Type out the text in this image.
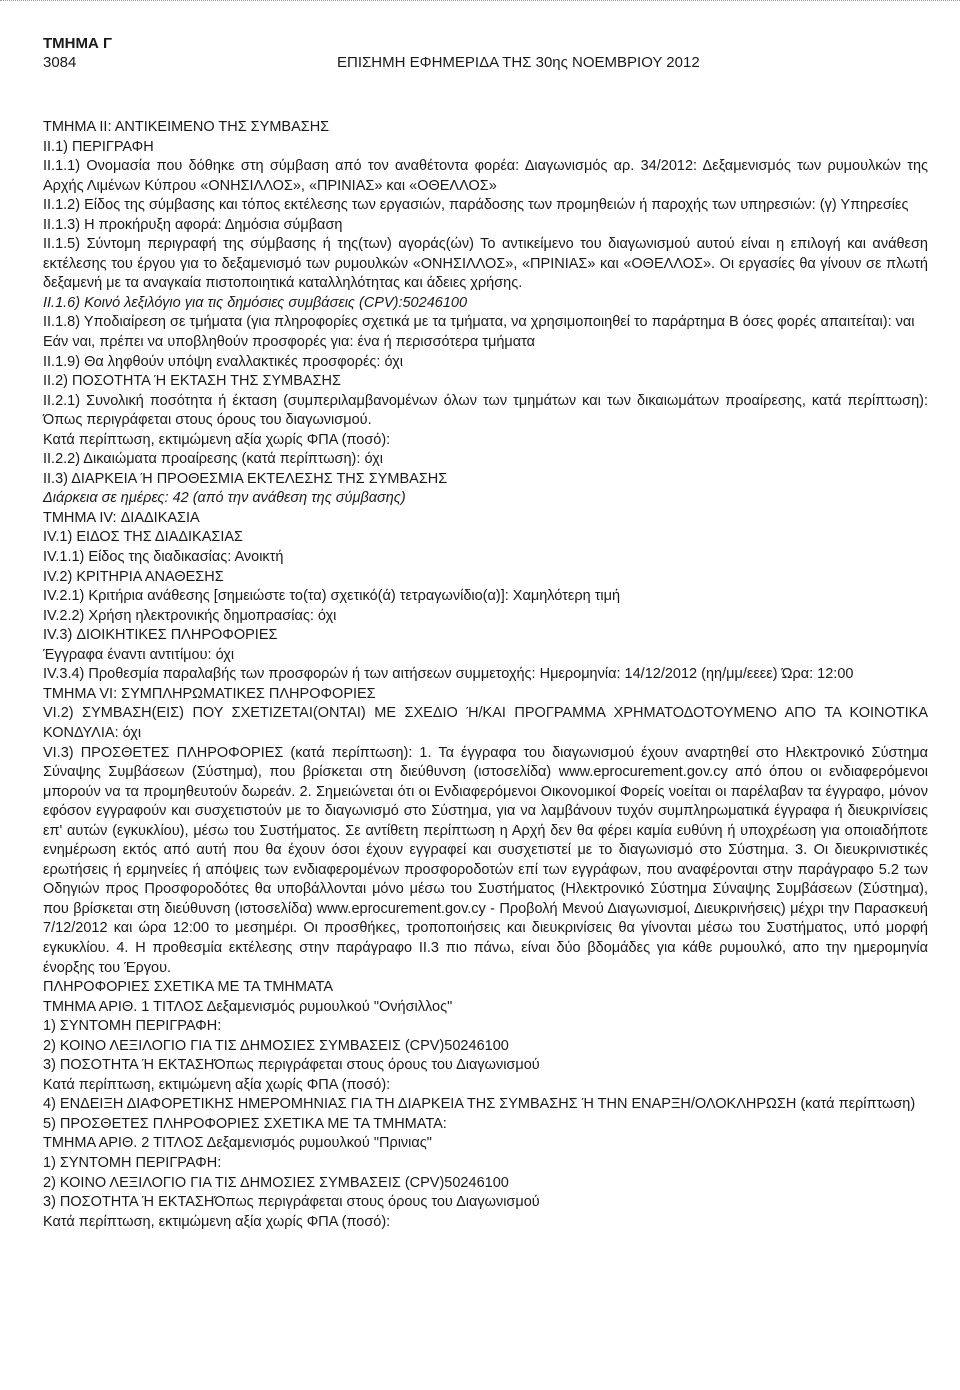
ΤΜΗΜΑ Γ
3084	ΕΠΙΣΗΜΗ ΕΦΗΜΕΡΙΔΑ ΤΗΣ 30ης ΝΟΕΜΒΡΙΟΥ 2012

ΤΜΗΜΑ ΙΙ: ΑΝΤΙΚΕΙΜΕΝΟ ΤΗΣ ΣΥΜΒΑΣΗΣ

ΙΙ.1) ΠΕΡΙΓΡΑΦΗ

ΙΙ.1.1) Ονομασία που δόθηκε στη σύμβαση από τον αναθέτοντα φορέα: Διαγωνισμός αρ. 34/2012: Δεξαμενισμός των ρυμουλκών της Αρχής Λιμένων Κύπρου «ΟΝΗΣΙΛΛΟΣ», «ΠΡΙΝΙΑΣ» και «ΟΘΕΛΛΟΣ»

ΙΙ.1.2) Είδος της σύμβασης και τόπος εκτέλεσης των εργασιών, παράδοσης των προμηθειών ή παροχής των υπηρεσιών: (γ) Υπηρεσίες

ΙΙ.1.3) Η προκήρυξη αφορά: Δημόσια σύμβαση

ΙΙ.1.5) Σύντομη περιγραφή της σύμβασης ή της(των) αγοράς(ών) Το αντικείμενο του διαγωνισμού αυτού είναι η επιλογή και ανάθεση εκτέλεσης του έργου για το δεξαμενισμό των ρυμουλκών «ΟΝΗΣΙΛΛΟΣ», «ΠΡΙΝΙΑΣ» και «ΟΘΕΛΛΟΣ». Οι εργασίες θα γίνουν σε πλωτή δεξαμενή με τα αναγκαία πιστοποιητικά καταλληλότητας και άδειες χρήσης.

ΙΙ.1.6) Κοινό λεξιλόγιο για τις δημόσιες συμβάσεις (CPV):50246100

ΙΙ.1.8) Υποδιαίρεση σε τμήματα (για πληροφορίες σχετικά με τα τμήματα, να χρησιμοποιηθεί το παράρτημα Β όσες φορές απαιτείται): ναι

Εάν ναι, πρέπει να υποβληθούν προσφορές για: ένα ή περισσότερα τμήματα

ΙΙ.1.9) Θα ληφθούν υπόψη εναλλακτικές προσφορές: όχι

ΙΙ.2) ΠΟΣΟΤΗΤΑ Ή ΕΚΤΑΣΗ ΤΗΣ ΣΥΜΒΑΣΗΣ

ΙΙ.2.1) Συνολική ποσότητα ή έκταση (συμπεριλαμβανομένων όλων των τμημάτων και των δικαιωμάτων προαίρεσης, κατά περίπτωση): Όπως περιγράφεται στους όρους του διαγωνισμού.

Κατά περίπτωση, εκτιμώμενη αξία χωρίς ΦΠΑ (ποσό):

ΙΙ.2.2) Δικαιώματα προαίρεσης (κατά περίπτωση): όχι

ΙΙ.3) ΔΙΑΡΚΕΙΑ Ή ΠΡΟΘΕΣΜΙΑ ΕΚΤΕΛΕΣΗΣ ΤΗΣ ΣΥΜΒΑΣΗΣ

Διάρκεια σε ημέρες: 42 (από την ανάθεση της σύμβασης)

ΤΜΗΜΑ IV: ΔΙΑΔΙΚΑΣΙΑ

IV.1) ΕΙΔΟΣ ΤΗΣ ΔΙΑΔΙΚΑΣΙΑΣ

IV.1.1) Είδος της διαδικασίας: Ανοικτή

IV.2) ΚΡΙΤΗΡΙΑ ΑΝΑΘΕΣΗΣ

IV.2.1) Κριτήρια ανάθεσης [σημειώστε το(τα) σχετικό(ά) τετραγωνίδιο(α)]: Χαμηλότερη τιμή

IV.2.2) Χρήση ηλεκτρονικής δημοπρασίας: όχι

IV.3) ΔΙΟΙΚΗΤΙΚΕΣ ΠΛΗΡΟΦΟΡΙΕΣ

Έγγραφα έναντι αντιτίμου: όχι

IV.3.4) Προθεσμία παραλαβής των προσφορών ή των αιτήσεων συμμετοχής: Ημερομηνία: 14/12/2012 (ηη/μμ/εεεε) Ώρα: 12:00

ΤΜΗΜΑ VI: ΣΥΜΠΛΗΡΩΜΑΤΙΚΕΣ ΠΛΗΡΟΦΟΡΙΕΣ

VI.2) ΣΥΜΒΑΣΗ(ΕΙΣ) ΠΟΥ ΣΧΕΤΙΖΕΤΑΙ(ΟΝΤΑΙ) ΜΕ ΣΧΕΔΙΟ Ή/ΚΑΙ ΠΡΟΓΡΑΜΜΑ ΧΡΗΜΑΤΟΔΟΤΟΥΜΕΝΟ ΑΠΟ ΤΑ ΚΟΙΝΟΤΙΚΑ ΚΟΝΔΥΛΙΑ: όχι

VI.3) ΠΡΟΣΘΕΤΕΣ ΠΛΗΡΟΦΟΡΙΕΣ (κατά περίπτωση): 1. Τα έγγραφα του διαγωνισμού έχουν αναρτηθεί στο Ηλεκτρονικό Σύστημα Σύναψης Συμβάσεων (Σύστημα), που βρίσκεται στη διεύθυνση (ιστοσελίδα) www.eprocurement.gov.cy από όπου οι ενδιαφερόμενοι μπορούν να τα προμηθευτούν δωρεάν. 2. Σημειώνεται ότι οι Ενδιαφερόμενοι Οικονομικοί Φορείς νοείται οι παρέλαβαν τα έγγραφο, μόνον εφόσον εγγραφούν και συσχετιστούν με το διαγωνισμό στο Σύστημα, για να λαμβάνουν τυχόν συμπληρωματικά έγγραφα ή διευκρινίσεις επ' αυτών (εγκυκλίου), μέσω του Συστήματος. Σε αντίθετη περίπτωση η Αρχή δεν θα φέρει καμία ευθύνη ή υποχρέωση για οποιαδήποτε ενημέρωση εκτός από αυτή που θα έχουν όσοι έχουν εγγραφεί και συσχετιστεί με το διαγωνισμό στο Σύστημα. 3. Οι διευκρινιστικές ερωτήσεις ή ερμηνείες ή απόψεις των ενδιαφερομένων προσφοροδοτών επί των εγγράφων, που αναφέρονται στην παράγραφο 5.2 των Οδηγιών προς Προσφοροδότες θα υποβάλλονται μόνο μέσω του Συστήματος (Ηλεκτρονικό Σύστημα Σύναψης Συμβάσεων (Σύστημα), που βρίσκεται στη διεύθυνση (ιστοσελίδα) www.eprocurement.gov.cy - Προβολή Μενού Διαγωνισμοί, Διευκρινήσεις) μέχρι την Παρασκευή 7/12/2012 και ώρα 12:00 το μεσημέρι. Οι προσθήκες, τροποποιήσεις και διευκρινίσεις θα γίνονται μέσω του Συστήματος, υπό μορφή εγκυκλίου. 4. Η προθεσμία εκτέλεσης στην παράγραφο ΙΙ.3 πιο πάνω, είναι δύο βδομάδες για κάθε ρυμουλκό, απο την ημερομηνία ένορξης του Έργου.

ΠΛΗΡΟΦΟΡΙΕΣ ΣΧΕΤΙΚΑ ΜΕ ΤΑ ΤΜΗΜΑΤΑ

ΤΜΗΜΑ ΑΡΙΘ. 1 ΤΙΤΛΟΣ Δεξαμενισμός ρυμουλκού "Ονήσιλλος"

1) ΣΥΝΤΟΜΗ ΠΕΡΙΓΡΑΦΗ:

2) ΚΟΙΝΟ ΛΕΞΙΛΟΓΙΟ ΓΙΑ ΤΙΣ ΔΗΜΟΣΙΕΣ ΣΥΜΒΑΣΕΙΣ (CPV)50246100

3) ΠΟΣΟΤΗΤΑ Ή ΕΚΤΑΣΗΌπως περιγράφεται στους όρους του Διαγωνισμού

Κατά περίπτωση, εκτιμώμενη αξία χωρίς ΦΠΑ (ποσό):

4) ΕΝΔΕΙΞΗ ΔΙΑΦΟΡΕΤΙΚΗΣ ΗΜΕΡΟΜΗΝΙΑΣ ΓΙΑ ΤΗ ΔΙΑΡΚΕΙΑ ΤΗΣ ΣΥΜΒΑΣΗΣ Ή ΤΗΝ ΕΝΑΡΞΗ/ΟΛΟΚΛΗΡΩΣΗ (κατά περίπτωση)

5) ΠΡΟΣΘΕΤΕΣ ΠΛΗΡΟΦΟΡΙΕΣ ΣΧΕΤΙΚΑ ΜΕ ΤΑ ΤΜΗΜΑΤΑ:

ΤΜΗΜΑ ΑΡΙΘ. 2 ΤΙΤΛΟΣ Δεξαμενισμός ρυμουλκού "Πρινιας"

1) ΣΥΝΤΟΜΗ ΠΕΡΙΓΡΑΦΗ:

2) ΚΟΙΝΟ ΛΕΞΙΛΟΓΙΟ ΓΙΑ ΤΙΣ ΔΗΜΟΣΙΕΣ ΣΥΜΒΑΣΕΙΣ (CPV)50246100

3) ΠΟΣΟΤΗΤΑ Ή ΕΚΤΑΣΗΌπως περιγράφεται στους όρους του Διαγωνισμού

Κατά περίπτωση, εκτιμώμενη αξία χωρίς ΦΠΑ (ποσό):
